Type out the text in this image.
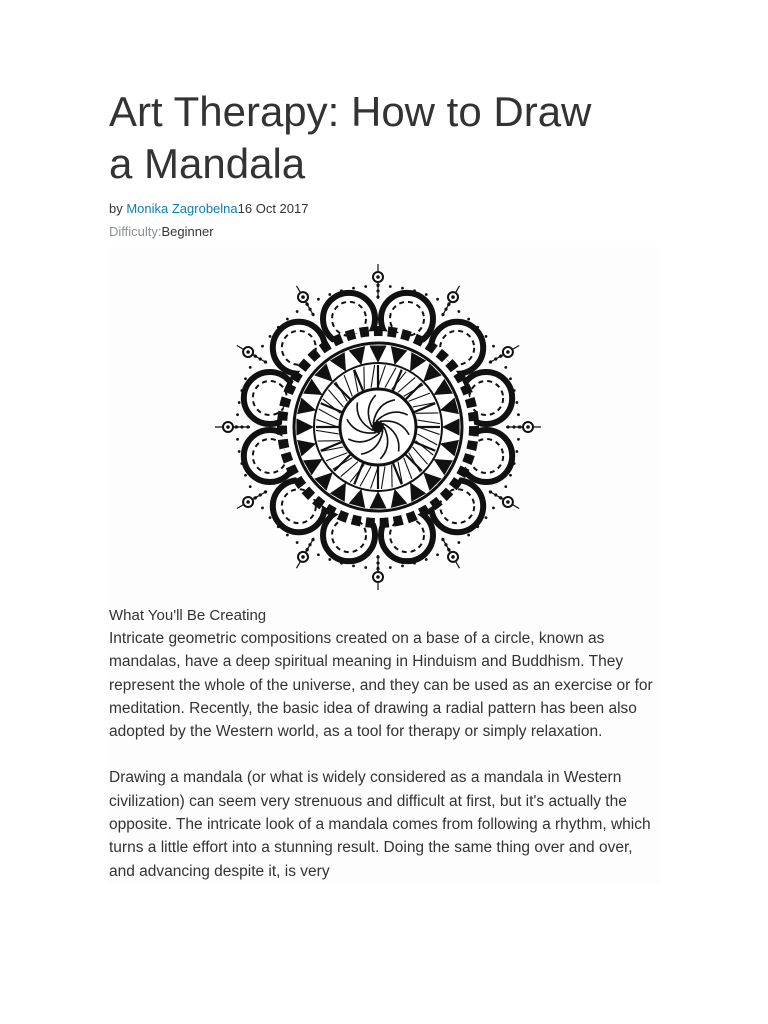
Art Therapy: How to Draw
a Mandala
by Monika Zagrobelna16 Oct 2017
Difficulty:Beginner
What You'll Be Creating

Intricate geometric compositions created on a base of a circle, known as mandalas, have a deep spiritual meaning in Hinduism and Buddhism. They represent the whole of the universe, and they can be used as an exercise or for meditation. Recently, the basic idea of drawing a radial pattern has been also adopted by the Western world, as a tool for therapy or simply relaxation.

Drawing a mandala (or what is widely considered as a mandala in Western civilization) can seem very strenuous and difficult at first, but it's actually the opposite. The intricate look of a mandala comes from following a rhythm, which turns a little effort into a stunning result. Doing the same thing over and over, and advancing despite it, is very
